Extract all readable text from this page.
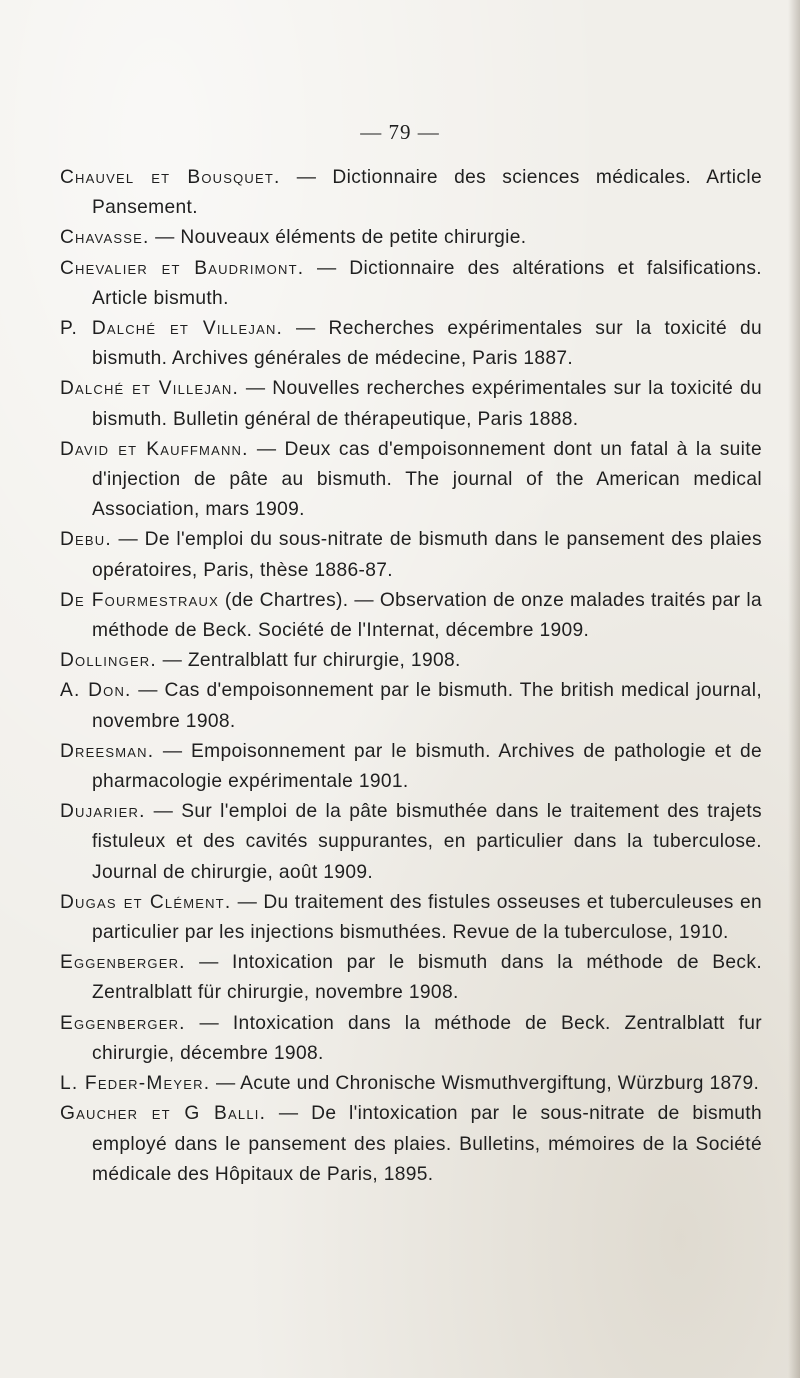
— 79 —

Chauvel et Bousquet. — Dictionnaire des sciences médicales. Article Pansement.

Chavasse. — Nouveaux éléments de petite chirurgie.

Chevalier et Baudrimont. — Dictionnaire des altérations et falsifications. Article bismuth.

P. Dalché et Villejan. — Recherches expérimentales sur la toxicité du bismuth. Archives générales de médecine, Paris 1887.

Dalché et Villejan. — Nouvelles recherches expérimentales sur la toxicité du bismuth. Bulletin général de thérapeutique, Paris 1888.

David et Kauffmann. — Deux cas d'empoisonnement dont un fatal à la suite d'injection de pâte au bismuth. The journal of the American medical Association, mars 1909.

Debu. — De l'emploi du sous-nitrate de bismuth dans le pansement des plaies opératoires, Paris, thèse 1886-87.

De Fourmestraux (de Chartres). — Observation de onze malades traités par la méthode de Beck. Société de l'Internat, décembre 1909.

Dollinger. — Zentralblatt fur chirurgie, 1908.

A. Don. — Cas d'empoisonnement par le bismuth. The british medical journal, novembre 1908.

Dreesman. — Empoisonnement par le bismuth. Archives de pathologie et de pharmacologie expérimentale 1901.

Dujarier. — Sur l'emploi de la pâte bismuthée dans le traitement des trajets fistuleux et des cavités suppurantes, en particulier dans la tuberculose. Journal de chirurgie, août 1909.

Dugas et Clément. — Du traitement des fistules osseuses et tuberculeuses en particulier par les injections bismuthées. Revue de la tuberculose, 1910.

Eggenberger. — Intoxication par le bismuth dans la méthode de Beck. Zentralblatt für chirurgie, novembre 1908.

Eggenberger. — Intoxication dans la méthode de Beck. Zentralblatt fur chirurgie, décembre 1908.

L. Feder-Meyer. — Acute und Chronische Wismuthvergiftung, Würzburg 1879.

Gaucher et G Balli. — De l'intoxication par le sous-nitrate de bismuth employé dans le pansement des plaies. Bulletins, mémoires de la Société médicale des Hôpitaux de Paris, 1895.
